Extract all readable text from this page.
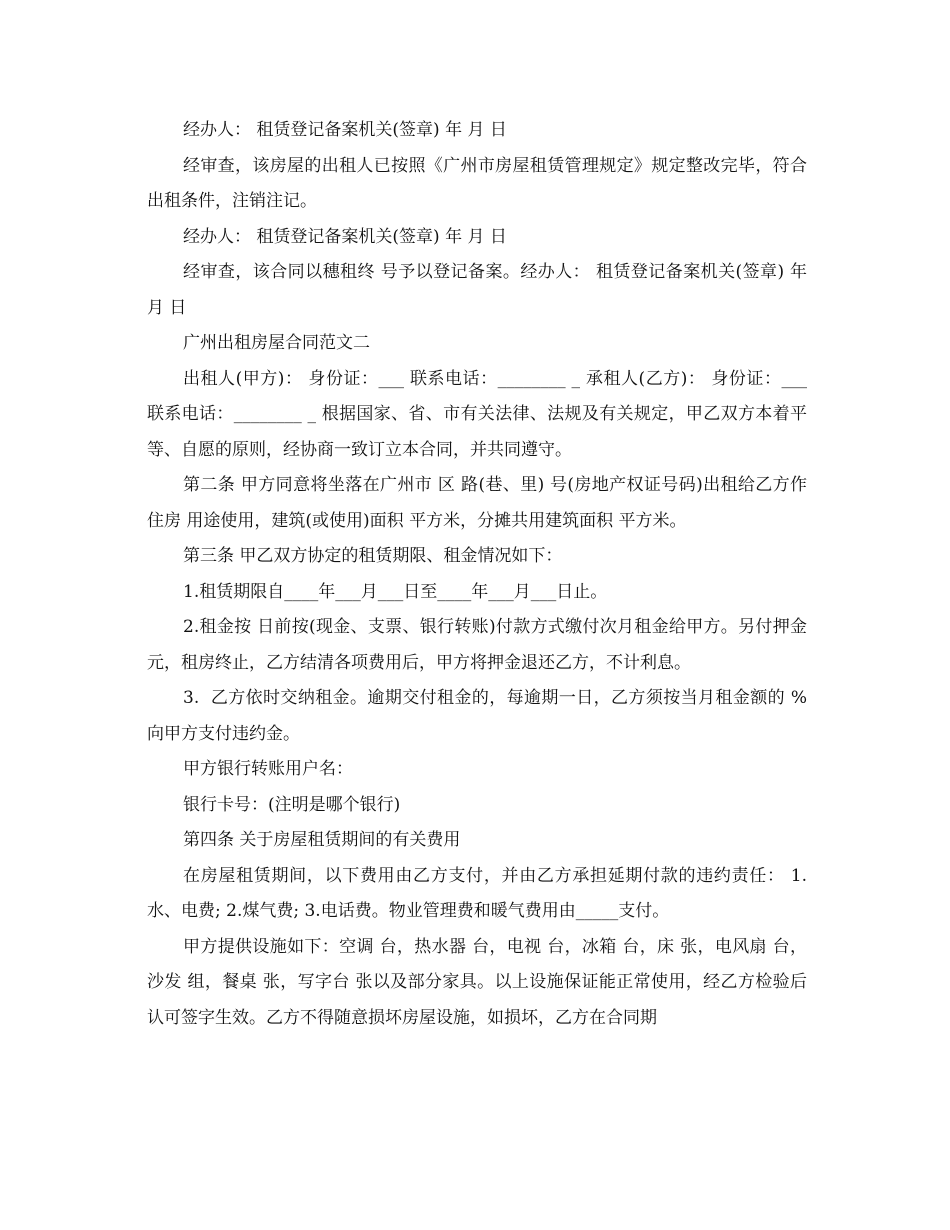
经办人： 租赁登记备案机关(签章) 年 月 日

经审查，该房屋的出租人已按照《广州市房屋租赁管理规定》规定整改完毕，符合出租条件，注销注记。

经办人： 租赁登记备案机关(签章) 年 月 日

经审查，该合同以穗租终 号予以登记备案。经办人： 租赁登记备案机关(签章) 年 月 日

广州出租房屋合同范文二

出租人(甲方)： 身份证：___ 联系电话：________ _ 承租人(乙方)： 身份证：___ 联系电话：________ _ 根据国家、省、市有关法律、法规及有关规定，甲乙双方本着平等、自愿的原则，经协商一致订立本合同，并共同遵守。

第二条 甲方同意将坐落在广州市 区 路(巷、里) 号(房地产权证号码)出租给乙方作 住房 用途使用，建筑(或使用)面积 平方米，分摊共用建筑面积 平方米。

第三条 甲乙双方协定的租赁期限、租金情况如下：

1.租赁期限自____年___月___日至____年___月___日止。

2.租金按 日前按(现金、支票、银行转账)付款方式缴付次月租金给甲方。另付押金 元，租房终止，乙方结清各项费用后，甲方将押金退还乙方，不计利息。

3.  乙方依时交纳租金。逾期交付租金的，每逾期一日，乙方须按当月租金额的 %向甲方支付违约金。

甲方银行转账用户名：

银行卡号：(注明是哪个银行)

第四条 关于房屋租赁期间的有关费用

在房屋租赁期间，以下费用由乙方支付，并由乙方承担延期付款的违约责任： 1.水、电费; 2.煤气费; 3.电话费。物业管理费和暖气费用由_____支付。

甲方提供设施如下：空调 台，热水器 台，电视 台，冰箱 台，床 张，电风扇 台，沙发 组，餐桌 张，写字台 张以及部分家具。以上设施保证能正常使用，经乙方检验后认可签字生效。乙方不得随意损坏房屋设施，如损坏，乙方在合同期
